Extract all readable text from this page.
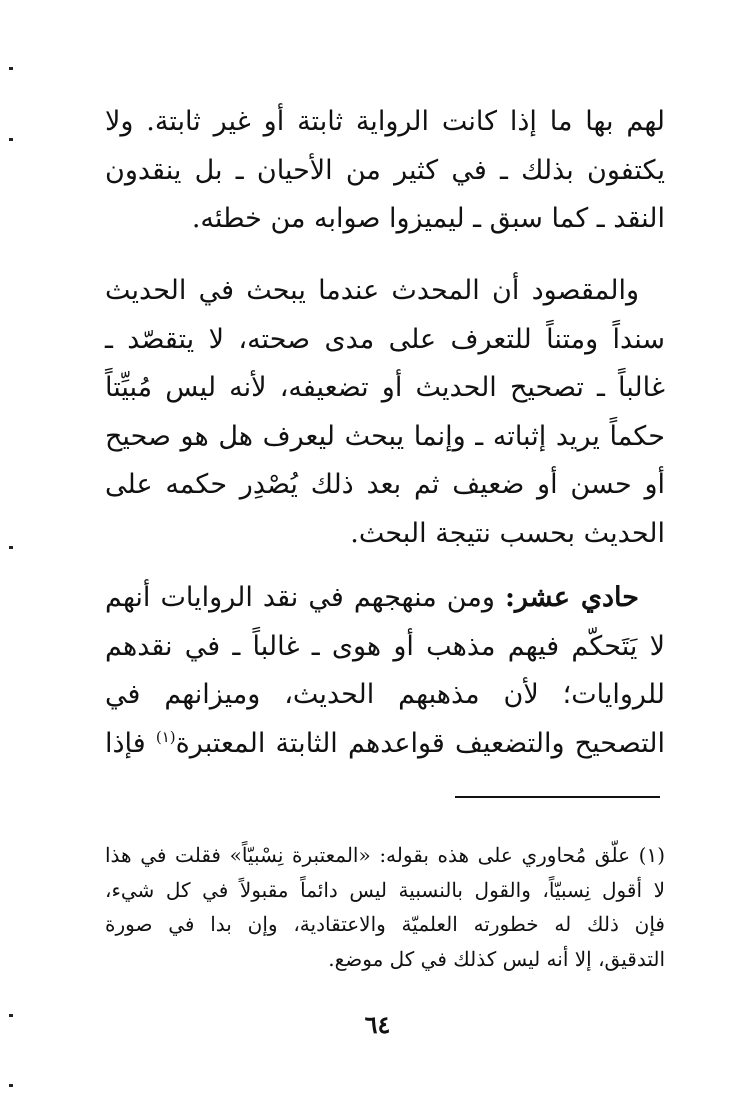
لهم بها ما إذا كانت الرواية ثابتة أو غير ثابتة. ولا
يكتفون بذلك ـ في كثير من الأحيان ـ بل ينقدون
النقد ـ كما سبق ـ ليميزوا صوابه من خطئه.
والمقصود أن المحدث عندما يبحث في الحديث
سنداً ومتناً للتعرف على مدى صحته، لا يتقصّد ـ
غالباً ـ تصحيح الحديث أو تضعيفه، لأنه ليس مُبيِّتاً
حكماً يريد إثباته ـ وإنما يبحث ليعرف هل هو صحيح
أو حسن أو ضعيف ثم بعد ذلك يُصْدِر حكمه على
الحديث بحسب نتيجة البحث.
حادي عشر: ومن منهجهم في نقد الروايات أنهم
لا يَتَحكّم فيهم مذهب أو هوى ـ غالباً ـ في نقدهم
للروايات؛ لأن مذهبهم الحديث، وميزانهم في
التصحيح والتضعيف قواعدهم الثابتة المعتبرة$^{(١)}$ فإذا
(١) علّق مُحاوري على هذه بقوله: «المعتبرة نِسْبيّاً» فقلت في هذا
لا أقول نِسبيّاً، والقول بالنسبية ليس دائماً مقبولاً في كل شيء،
فإن ذلك له خطورته العلميّة والاعتقادية، وإن بدا في صورة
التدقيق، إلا أنه ليس كذلك في كل موضع.
٦٤
